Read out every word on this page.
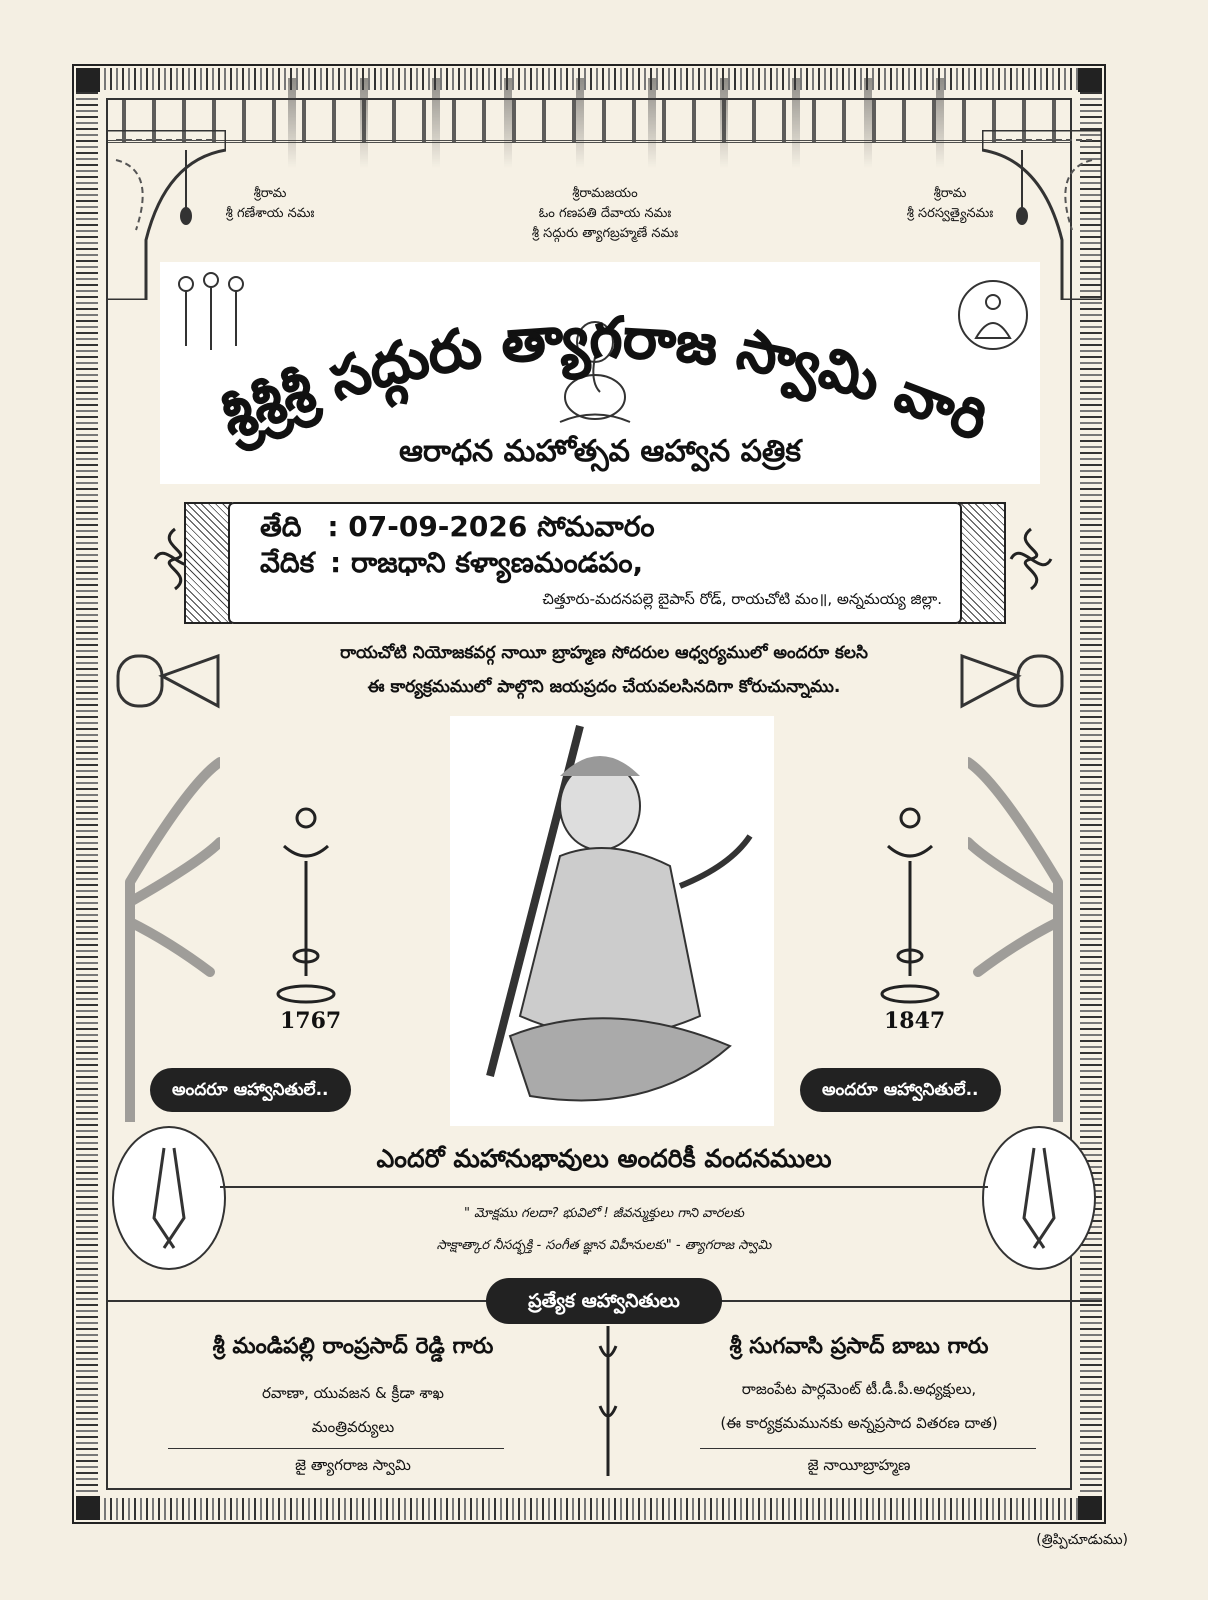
శ్రీరామ
శ్రీ గణేశాయ నమః
శ్రీరామజయం
ఓం గణపతి దేవాయ నమః
శ్రీ సద్గురు త్యాగబ్రహ్మణే నమః
శ్రీరామ
శ్రీ సరస్వత్యైనమః
శ్రీశ్రీశ్రీ సద్గురు త్యాగరాజ స్వామి వారి
ఆరాధన మహోత్సవ ఆహ్వాన పత్రిక
తేది : 07-09-2026 సోమవారం
వేదిక : రాజధాని కళ్యాణమండపం,
చిత్తూరు-మదనపల్లె బైపాస్ రోడ్, రాయచోటి మం॥, అన్నమయ్య జిల్లా.
రాయచోటి నియోజకవర్గ నాయీ బ్రాహ్మణ సోదరుల ఆధ్వర్యములో అందరూ కలసి
ఈ కార్యక్రమములో పాల్గొని జయప్రదం చేయవలసినదిగా కోరుచున్నాము.
1767	1847
అందరూ ఆహ్వానితులే..	అందరూ ఆహ్వానితులే..
ఎందరో మహానుభావులు అందరికీ వందనములు
" మోక్షము గలదా? భువిలో ! జీవన్ముక్తులు గాని వారలకు
సాక్షాత్కార నీసద్భక్తి - సంగీత జ్ఞాన విహీనులకు" - త్యాగరాజ స్వామి
ప్రత్యేక ఆహ్వానితులు
శ్రీ మండిపల్లి రాంప్రసాద్ రెడ్డి గారు
రవాణా, యువజన & క్రీడా శాఖ
మంత్రివర్యులు
జై త్యాగరాజ స్వామి
శ్రీ సుగవాసి ప్రసాద్ బాబు గారు
రాజంపేట పార్లమెంట్ టీ.డీ.పీ.అధ్యక్షులు,
(ఈ కార్యక్రమమునకు అన్నప్రసాద వితరణ దాత)
జై నాయీబ్రాహ్మణ
(త్రిప్పిచూడుము)
